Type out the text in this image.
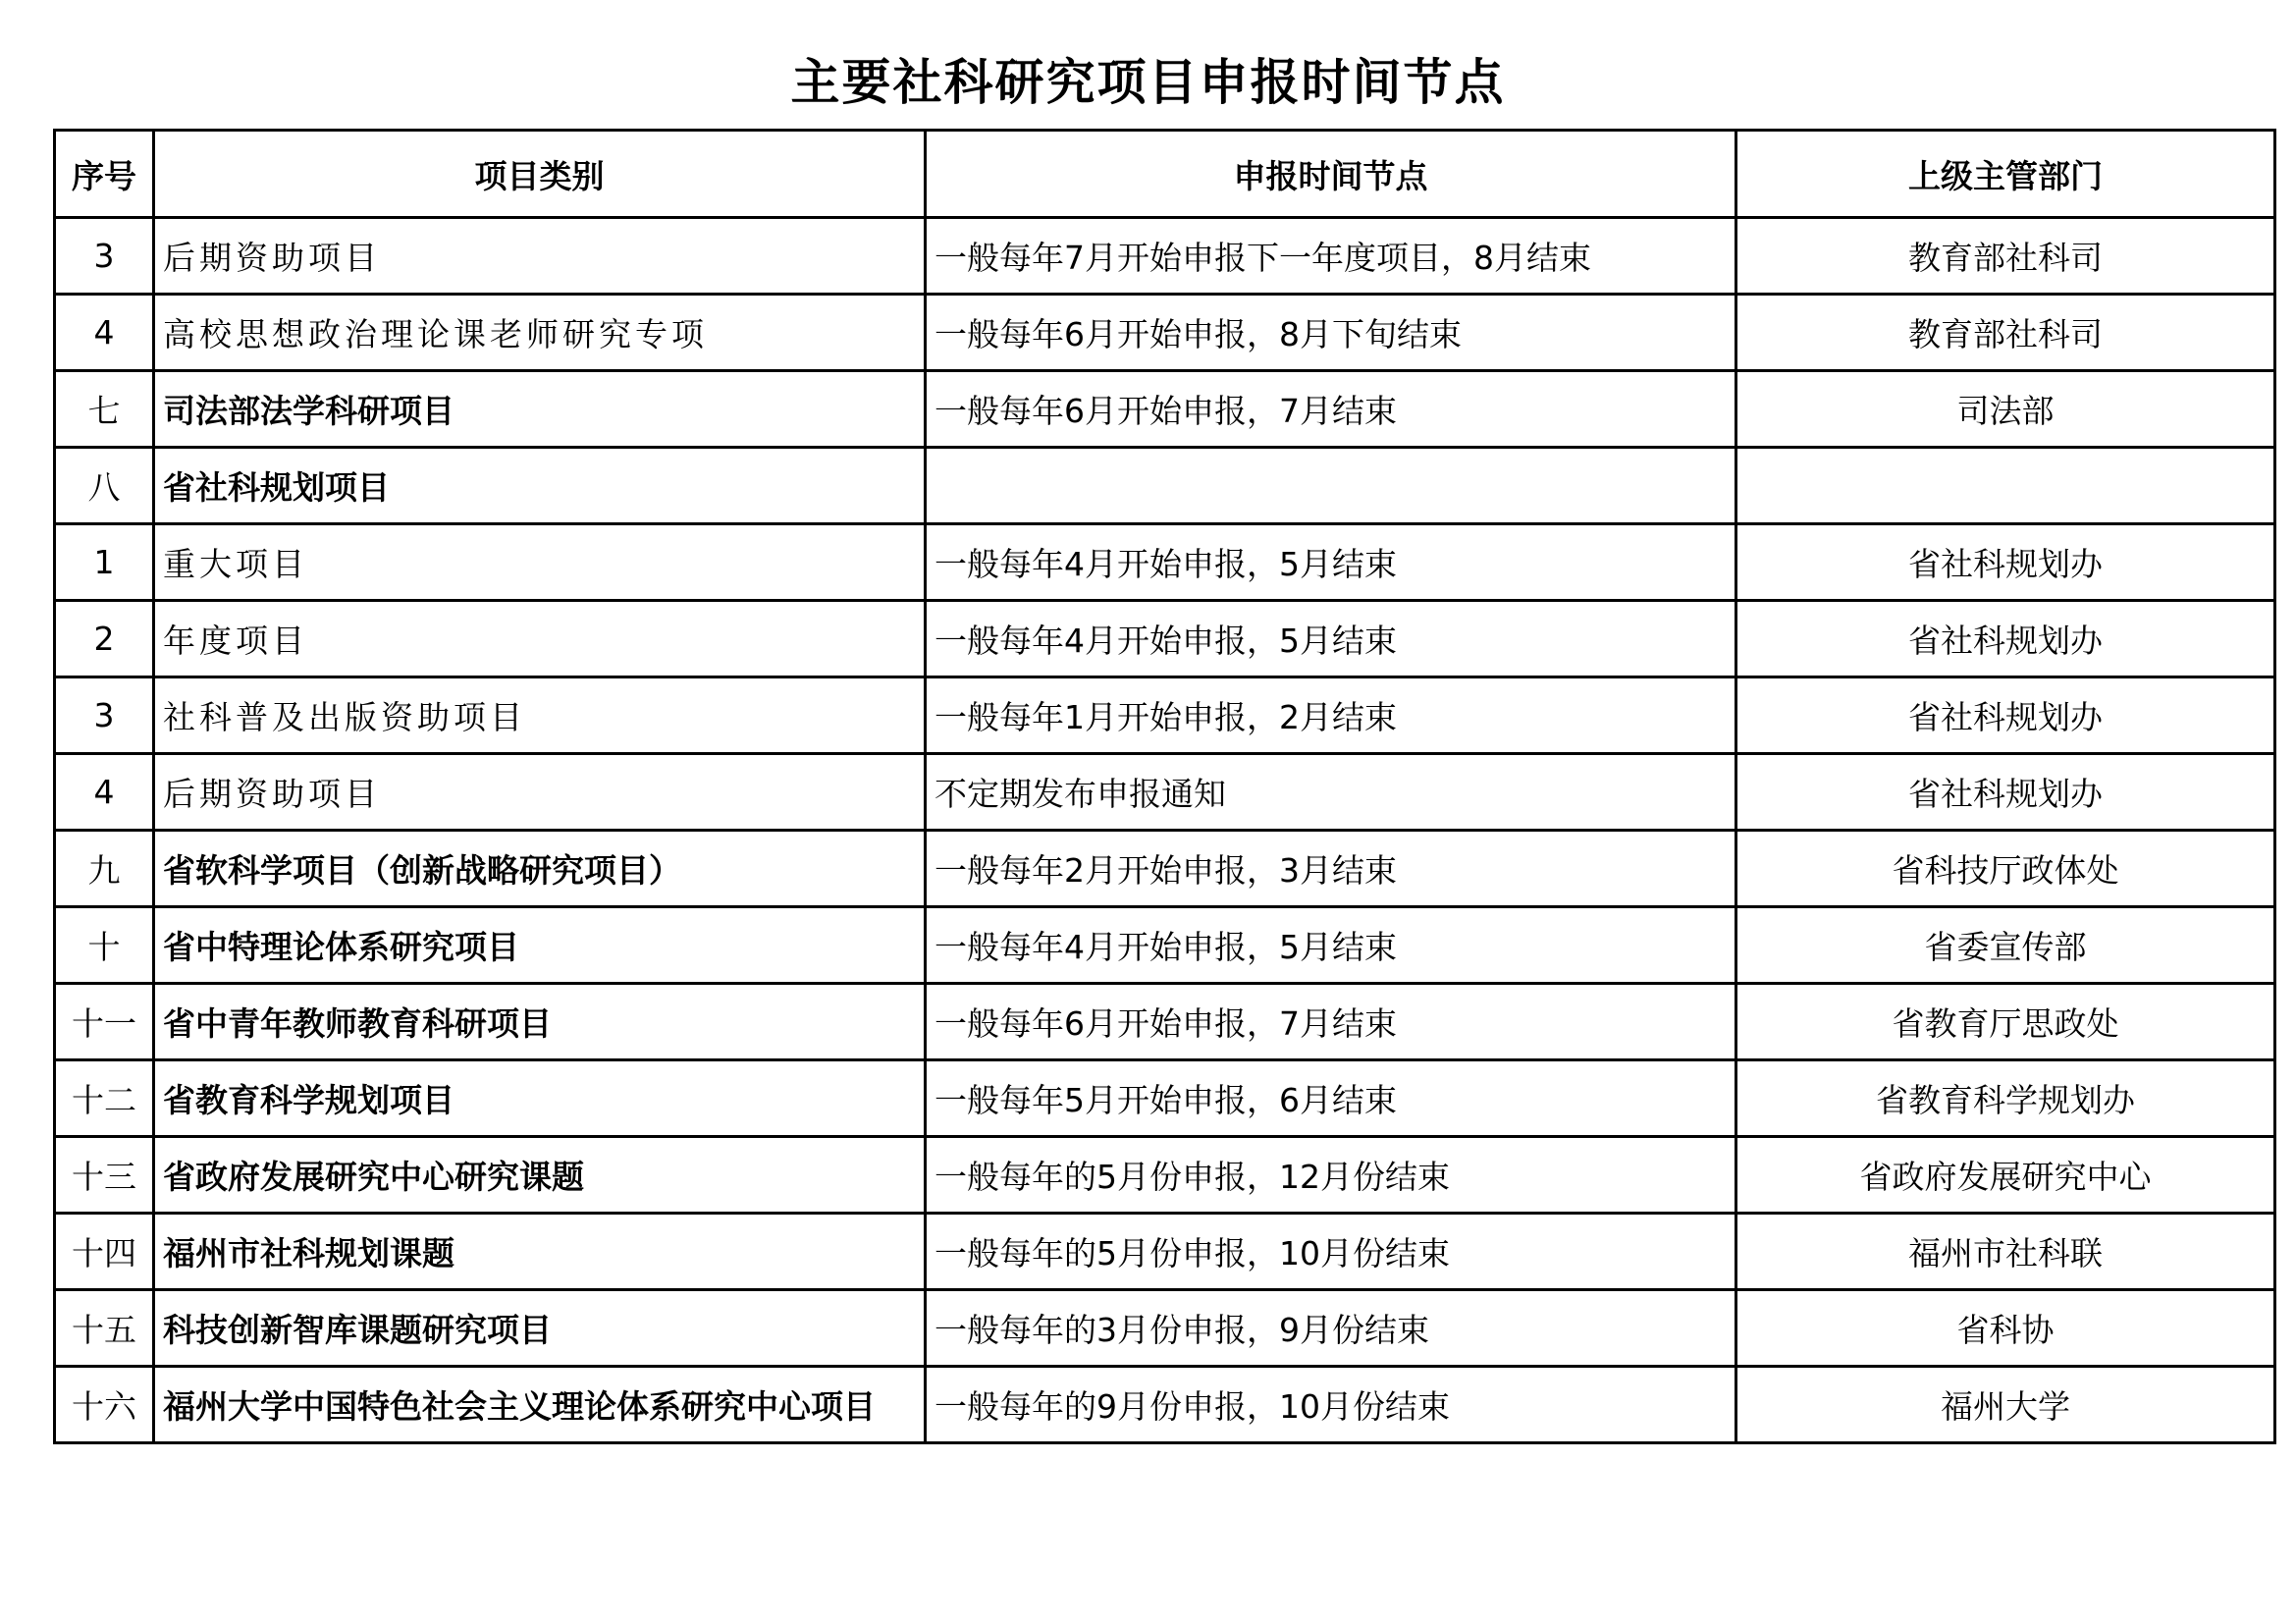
主要社科研究项目申报时间节点
序号	项目类别	申报时间节点	上级主管部门
3	后期资助项目	一般每年7月开始申报下一年度项目，8月结束	教育部社科司
4	高校思想政治理论课老师研究专项	一般每年6月开始申报，8月下旬结束	教育部社科司
七	司法部法学科研项目	一般每年6月开始申报，7月结束	司法部
八	省社科规划项目		
1	重大项目	一般每年4月开始申报，5月结束	省社科规划办
2	年度项目	一般每年4月开始申报，5月结束	省社科规划办
3	社科普及出版资助项目	一般每年1月开始申报，2月结束	省社科规划办
4	后期资助项目	不定期发布申报通知	省社科规划办
九	省软科学项目（创新战略研究项目）	一般每年2月开始申报，3月结束	省科技厅政体处
十	省中特理论体系研究项目	一般每年4月开始申报，5月结束	省委宣传部
十一	省中青年教师教育科研项目	一般每年6月开始申报，7月结束	省教育厅思政处
十二	省教育科学规划项目	一般每年5月开始申报，6月结束	省教育科学规划办
十三	省政府发展研究中心研究课题	一般每年的5月份申报，12月份结束	省政府发展研究中心
十四	福州市社科规划课题	一般每年的5月份申报，10月份结束	福州市社科联
十五	科技创新智库课题研究项目	一般每年的3月份申报，9月份结束	省科协
十六	福州大学中国特色社会主义理论体系研究中心项目	一般每年的9月份申报，10月份结束	福州大学
